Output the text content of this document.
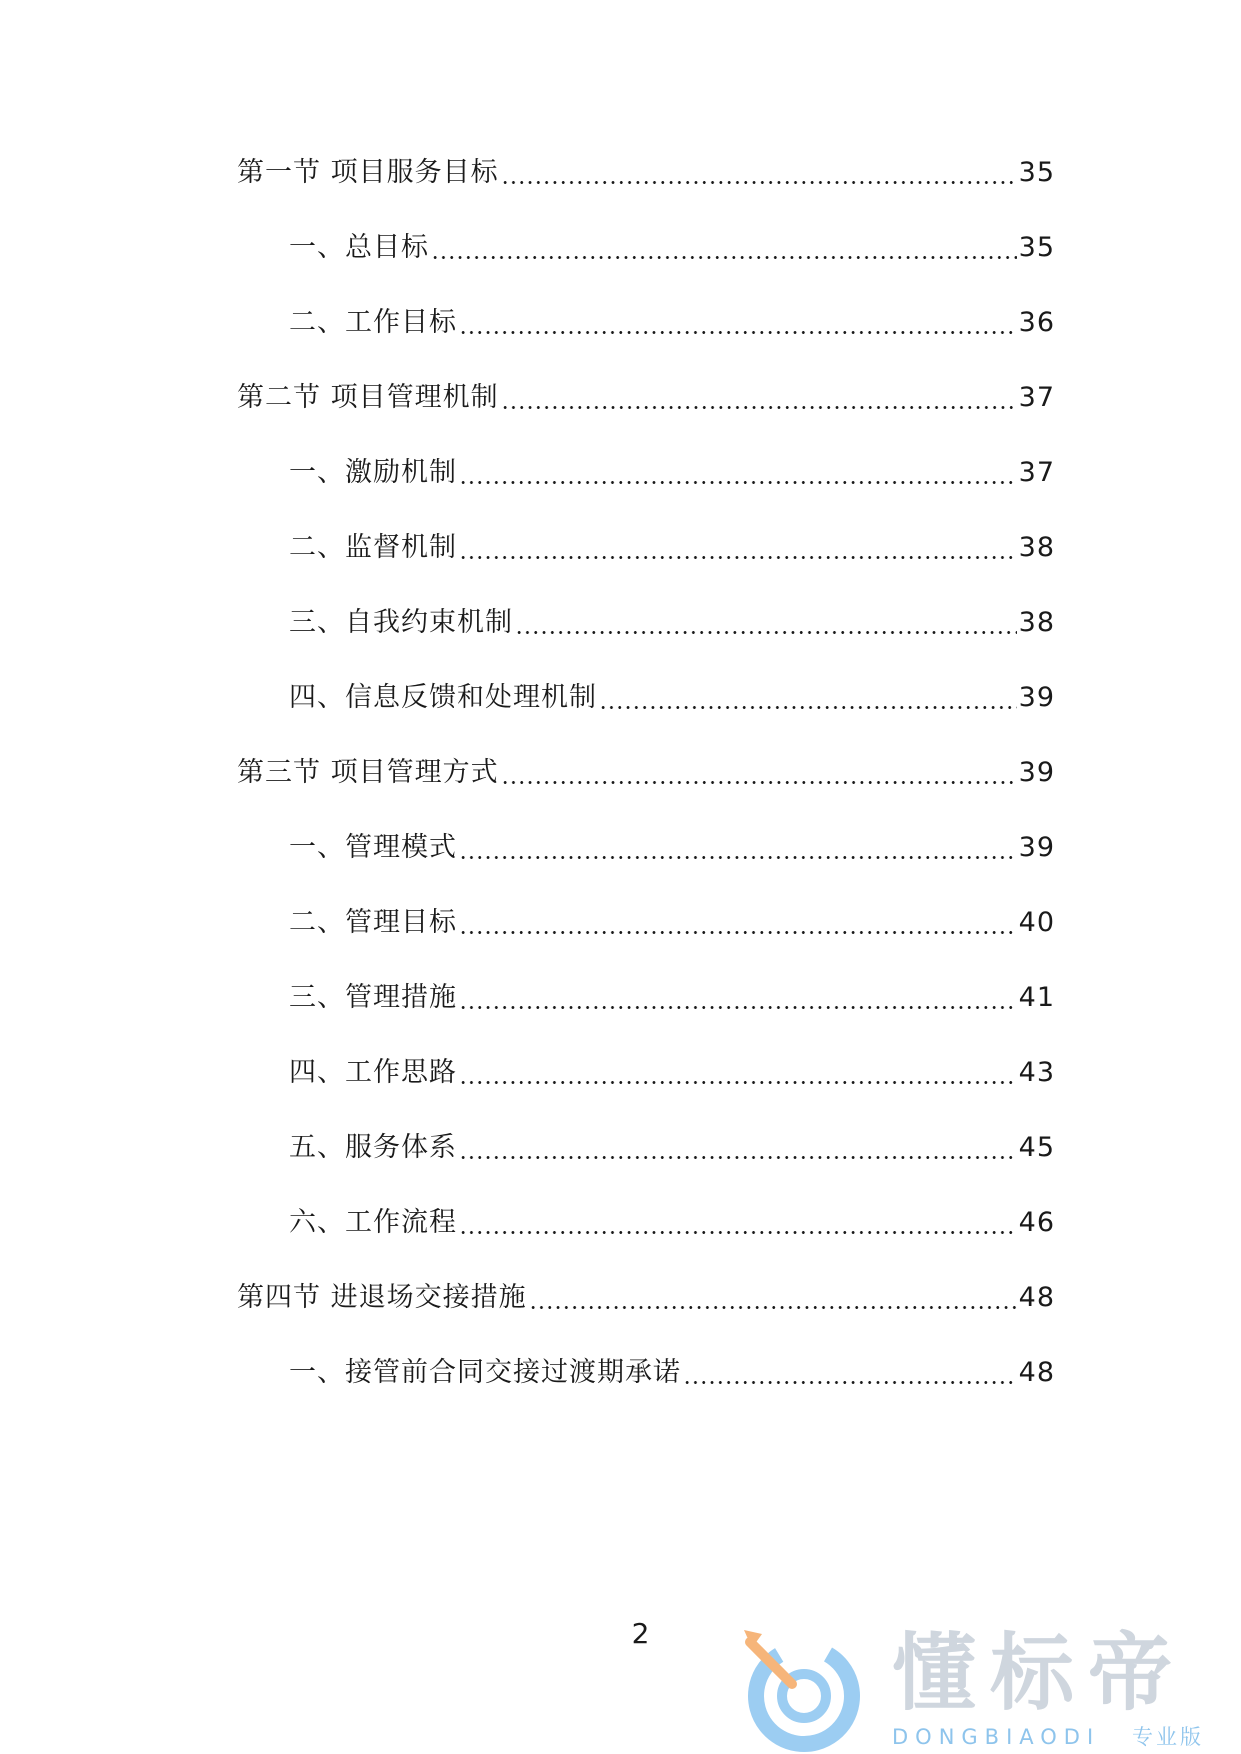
第一节 项目服务目标	35
一、总目标	35
二、工作目标	36
第二节 项目管理机制	37
一、激励机制	37
二、监督机制	38
三、自我约束机制	38
四、信息反馈和处理机制	39
第三节 项目管理方式	39
一、管理模式	39
二、管理目标	40
三、管理措施	41
四、工作思路	43
五、服务体系	45
六、工作流程	46
第四节 进退场交接措施	48
一、接管前合同交接过渡期承诺	48
2	懂标帝
DONGBIAODI 专业版
